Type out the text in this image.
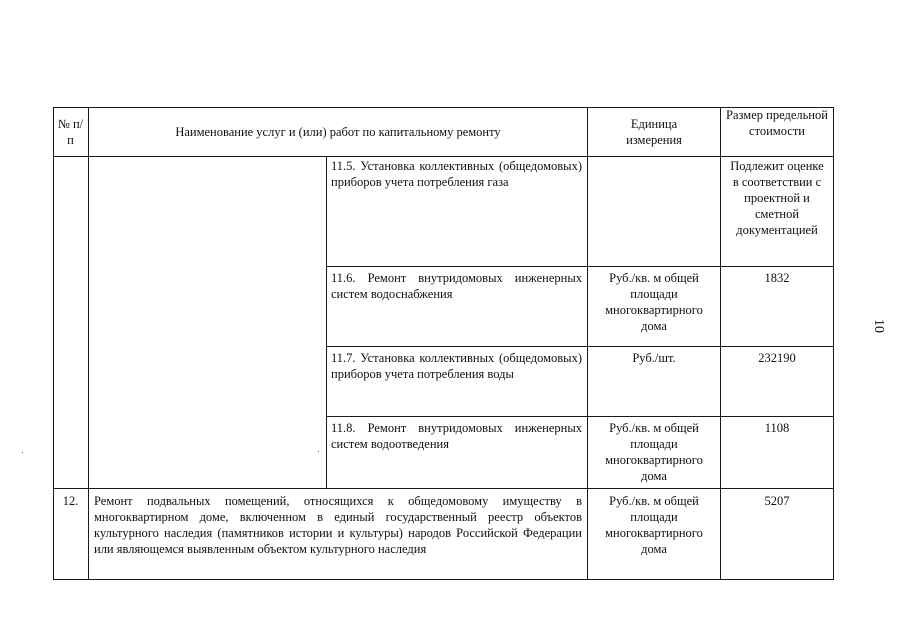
№ п/п
Наименование услуг и (или) работ по капитальному ремонту
Единица измерения
Размер предельной стоимости
11.5. Установка коллективных (общедомовых) приборов учета потребления газа
Подлежит оценке в соответствии с проектной и сметной документацией
11.6. Ремонт внутридомовых инженерных систем водоснабжения
Руб./кв. м общей площади многоквартирного дома
1832
11.7. Установка коллективных (общедомовых) приборов учета потребления воды
Руб./шт.	232190
11.8. Ремонт внутридомовых инженерных систем водоотведения
Руб./кв. м общей площади многоквартирного дома
1108
12.	Ремонт подвальных помещений, относящихся к общедомовому имуществу в многоквартирном доме, включенном в единый государственный реестр объектов культурного наследия (памятников истории и культуры) народов Российской Федерации или являющемся выявленным объектом культурного наследия
Руб./кв. м общей площади многоквартирного дома
5207
10
